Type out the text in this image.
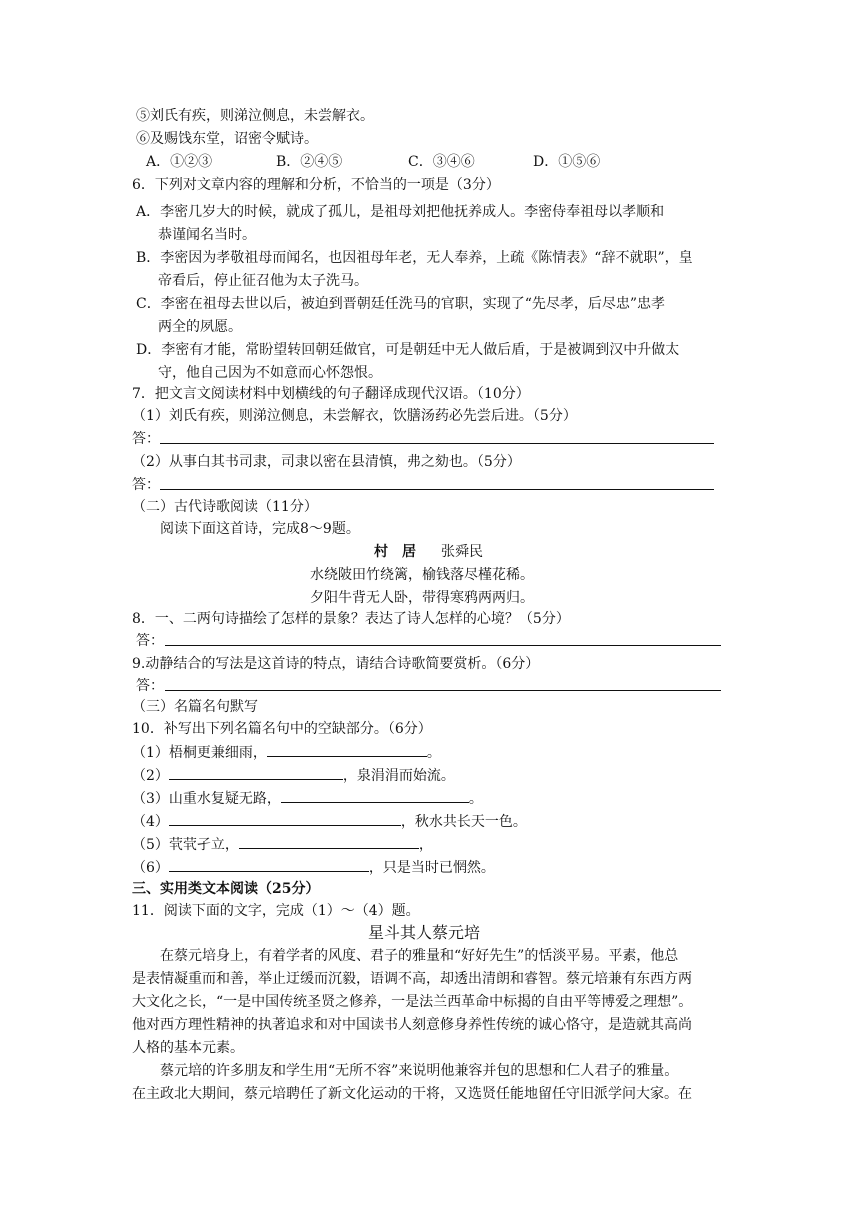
⑤刘氏有疾，则涕泣侧息，未尝解衣。
⑥及赐饯东堂，诏密令赋诗。
A．①②③	B．②④⑤	C．③④⑥	D．①⑤⑥
6．下列对文章内容的理解和分析，不恰当的一项是（3分）
A．李密几岁大的时候，就成了孤儿，是祖母刘把他抚养成人。李密侍奉祖母以孝顺和
恭谨闻名当时。
B．李密因为孝敬祖母而闻名，也因祖母年老，无人奉养，上疏《陈情表》“辞不就职”，皇
帝看后，停止征召他为太子洗马。
C．李密在祖母去世以后，被迫到晋朝廷任洗马的官职，实现了“先尽孝，后尽忠”忠孝
两全的夙愿。
D．李密有才能，常盼望转回朝廷做官，可是朝廷中无人做后盾，于是被调到汉中升做太
守，他自己因为不如意而心怀怨恨。
7．把文言文阅读材料中划横线的句子翻译成现代汉语。（10分）
（1）刘氏有疾，则涕泣侧息，未尝解衣，饮膳汤药必先尝后进。（5分）
答：
（2）从事白其书司隶，司隶以密在县清慎，弗之劾也。（5分）
答：
（二）古代诗歌阅读（11分）
阅读下面这首诗，完成8～9题。
村　居 张舜民
水绕陂田竹绕篱，榆钱落尽槿花稀。
夕阳牛背无人卧，带得寒鸦两两归。
8．一、二两句诗描绘了怎样的景象？表达了诗人怎样的心境？（5分）
答：
9.动静结合的写法是这首诗的特点，请结合诗歌简要赏析。（6分）
答：
（三）名篇名句默写
10．补写出下列名篇名句中的空缺部分。（6分）
（1）梧桐更兼细雨，	。
（2）	，泉涓涓而始流。
（3）山重水复疑无路，	。
（4）	，秋水共长天一色。
（5）茕茕孑立，	，
（6）	，只是当时已惘然。
三、实用类文本阅读（25分）
11．阅读下面的文字，完成（1）～（4）题。
星斗其人蔡元培
在蔡元培身上，有着学者的风度、君子的雅量和“好好先生”的恬淡平易。平素，他总
是表情凝重而和善，举止迂缓而沉毅，语调不高，却透出清朗和睿智。蔡元培兼有东西方两
大文化之长，“一是中国传统圣贤之修养，一是法兰西革命中标揭的自由平等博爱之理想”。
他对西方理性精神的执著追求和对中国读书人刻意修身养性传统的诚心恪守，是造就其高尚
人格的基本元素。
蔡元培的许多朋友和学生用“无所不容”来说明他兼容并包的思想和仁人君子的雅量。
在主政北大期间，蔡元培聘任了新文化运动的干将，又选贤任能地留任守旧派学问大家。在
